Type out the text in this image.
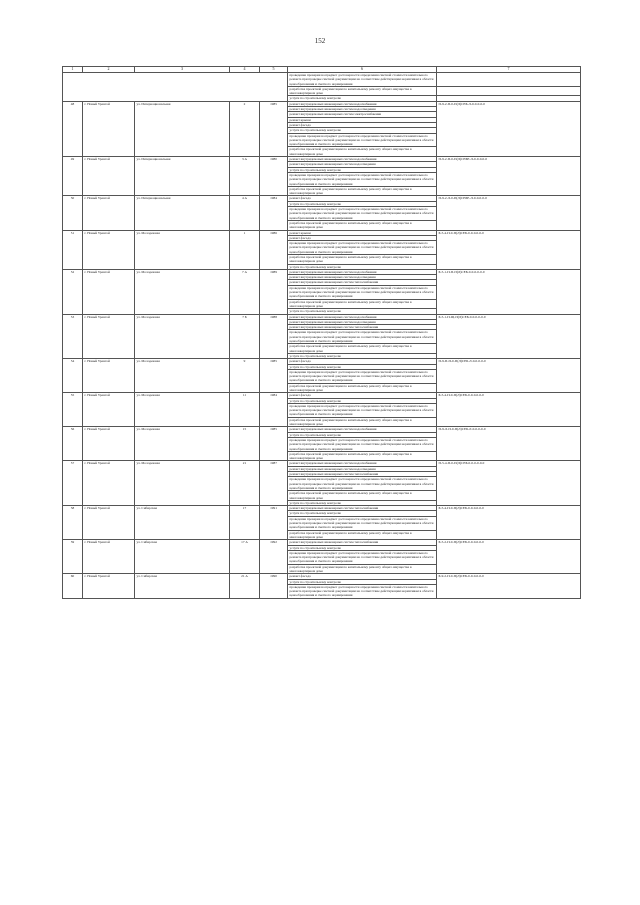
152
1	2	3	4	5	6	7
					проведение проверки на предмет достоверности определения сметной стоимости капитального ремонта при проверке сметной документации на соответствие действующим нормативам в области ценообразования и сметного нормирования	
					разработка проектной документации по капитальному ремонту общего имущества в многоквартирном доме	
					услуги по строительному контролю	
48	г. Новый Уренгой	ул. Интернациональная	2	1985	ремонт внутридомовых инженерных систем водоснабжения	П-9-2-П-0-П(Л)СЕБ-Л-0-0-0-0-0
					ремонт внутридомовых инженерных систем водоотведения	
					ремонт внутридомовых инженерных систем электроснабжения	
					ремонт крыши	
					ремонт фасада	
					услуги по строительному контролю	
					проведение проверки на предмет достоверности определения сметной стоимости капитального ремонта при проверке сметной документации на соответствие действующим нормативам в области ценообразования и сметного нормирования	
					разработка проектной документации по капитальному ремонту общего имущества в многоквартирном доме	
49	г. Новый Уренгой	ул. Интернациональная	3 А	1980	ремонт внутридомовых инженерных систем водоснабжения	П-9-2-П-0-П(Л)СЕБЕ-Л-0-0-0-0-0
					ремонт внутридомовых инженерных систем водоотведения	
					услуги по строительному контролю	
					проведение проверки на предмет достоверности определения сметной стоимости капитального ремонта при проверке сметной документации на соответствие действующим нормативам в области ценообразования и сметного нормирования	
					разработка проектной документации по капитальному ремонту общего имущества в многоквартирном доме	
50	г. Новый Уренгой	ул. Интернациональная	4 А	1984	ремонт фасада	П-9-2-Л-0-П(Л)СЕБЕ-Л-0-0-0-0-0
					услуги по строительному контролю	
					проведение проверки на предмет достоверности определения сметной стоимости капитального ремонта при проверке сметной документации на соответствие действующим нормативам в области ценообразования и сметного нормирования	
					разработка проектной документации по капитальному ремонту общего имущества в многоквартирном доме	
51	г. Новый Уренгой	ул. Молодежная	1	1986	ремонт крыши	Б-5-4-П-0-П(Л)СЕБ-0-0-0-0-0-0
					ремонт фасада	
					проведение проверки на предмет достоверности определения сметной стоимости капитального ремонта при проверке сметной документации на соответствие действующим нормативам в области ценообразования и сметного нормирования	
					разработка проектной документации по капитальному ремонту общего имущества в многоквартирном доме	
					услуги по строительному контролю	
52	г. Новый Уренгой	ул. Молодежная	7 А	1989	ремонт внутридомовых инженерных систем водоснабжения	Б-5-1-П-П-П(Л)СЕБ-0-0-0-0-0-0
					ремонт внутридомовых инженерных систем водоотведения	
					ремонт внутридомовых инженерных систем теплоснабжения	
					проведение проверки на предмет достоверности определения сметной стоимости капитального ремонта при проверке сметной документации на соответствие действующим нормативам в области ценообразования и сметного нормирования	
					разработка проектной документации по капитальному ремонту общего имущества в многоквартирном доме	
					услуги по строительному контролю	
53	г. Новый Уренгой	ул. Молодежная	7 Б	1988	ремонт внутридомовых инженерных систем водоснабжения	Б-5-1-П-Щ-П(Л)СЕБ-0-0-0-0-0-0
					ремонт внутридомовых инженерных систем водоотведения	
					ремонт внутридомовых инженерных систем теплоснабжения	
					проведение проверки на предмет достоверности определения сметной стоимости капитального ремонта при проверке сметной документации на соответствие действующим нормативам в области ценообразования и сметного нормирования	
					разработка проектной документации по капитальному ремонту общего имущества в многоквартирном доме	
					услуги по строительному контролю	
54	г. Новый Уренгой	ул. Молодежная	9	1985	ремонт фасада	П-9-П-П-0-П(Л)СЕБ-Л-0-0-0-0-0
					услуги по строительному контролю	
					проведение проверки на предмет достоверности определения сметной стоимости капитального ремонта при проверке сметной документации на соответствие действующим нормативам в области ценообразования и сметного нормирования	
					разработка проектной документации по капитальному ремонту общего имущества в многоквартирном доме	
55	г. Новый Уренгой	ул. Молодежная	11	1984	ремонт фасада	Б-5-4-П-0-П(Л)СЕБ-0-0-0-0-0-0
					услуги по строительному контролю	
					проведение проверки на предмет достоверности определения сметной стоимости капитального ремонта при проверке сметной документации на соответствие действующим нормативам в области ценообразования и сметного нормирования	
					разработка проектной документации по капитальному ремонту общего имущества в многоквартирном доме	
56	г. Новый Уренгой	ул. Молодежная	15	1985	ремонт внутридомовых инженерных систем водоснабжения	П-9-Л-П-0-П(Л)СЕБ-Л-0-0-0-0-0
					услуги по строительному контролю	
					проведение проверки на предмет достоверности определения сметной стоимости капитального ремонта при проверке сметной документации на соответствие действующим нормативам в области ценообразования и сметного нормирования	
					разработка проектной документации по капитальному ремонту общего имущества в многоквартирном доме	
57	г. Новый Уренгой	ул. Молодежная	21	1987	ремонт внутридомовых инженерных систем водоснабжения	П-5-4-П-0-П(Л)СЕБ-0-0-0-0-0-0
					ремонт внутридомовых инженерных систем водоотведения	
					ремонт внутридомовых инженерных систем теплоснабжения	
					проведение проверки на предмет достоверности определения сметной стоимости капитального ремонта при проверке сметной документации на соответствие действующим нормативам в области ценообразования и сметного нормирования	
					разработка проектной документации по капитальному ремонту общего имущества в многоквартирном доме	
					услуги по строительному контролю	
58	г. Новый Уренгой	ул. Сибирская	17	1991	ремонт внутридомовых инженерных систем теплоснабжения	Б-5-4-П-0-П(Л)СЕБ-0-0-0-0-0-0
					услуги по строительному контролю	
					проведение проверки на предмет достоверности определения сметной стоимости капитального ремонта при проверке сметной документации на соответствие действующим нормативам в области ценообразования и сметного нормирования	
					разработка проектной документации по капитальному ремонту общего имущества в многоквартирном доме	
59	г. Новый Уренгой	ул. Сибирская	17 А	1992	ремонт внутридомовых инженерных систем теплоснабжения	Б-5-2-П-0-П(Л)СЕБ-0-0-0-0-0-0
					услуги по строительному контролю	
					проведение проверки на предмет достоверности определения сметной стоимости капитального ремонта при проверке сметной документации на соответствие действующим нормативам в области ценообразования и сметного нормирования	
					разработка проектной документации по капитальному ремонту общего имущества в многоквартирном доме	
60	г. Новый Уренгой	ул. Сибирская	21 А	1990	ремонт фасада	Б-9-2-П-0-П(Л)СЕБ-0-0-0-0-0-0
					услуги по строительному контролю	
					проведение проверки на предмет достоверности определения сметной стоимости капитального ремонта при проверке сметной документации на соответствие действующим нормативам в области ценообразования и сметного нормирования	
